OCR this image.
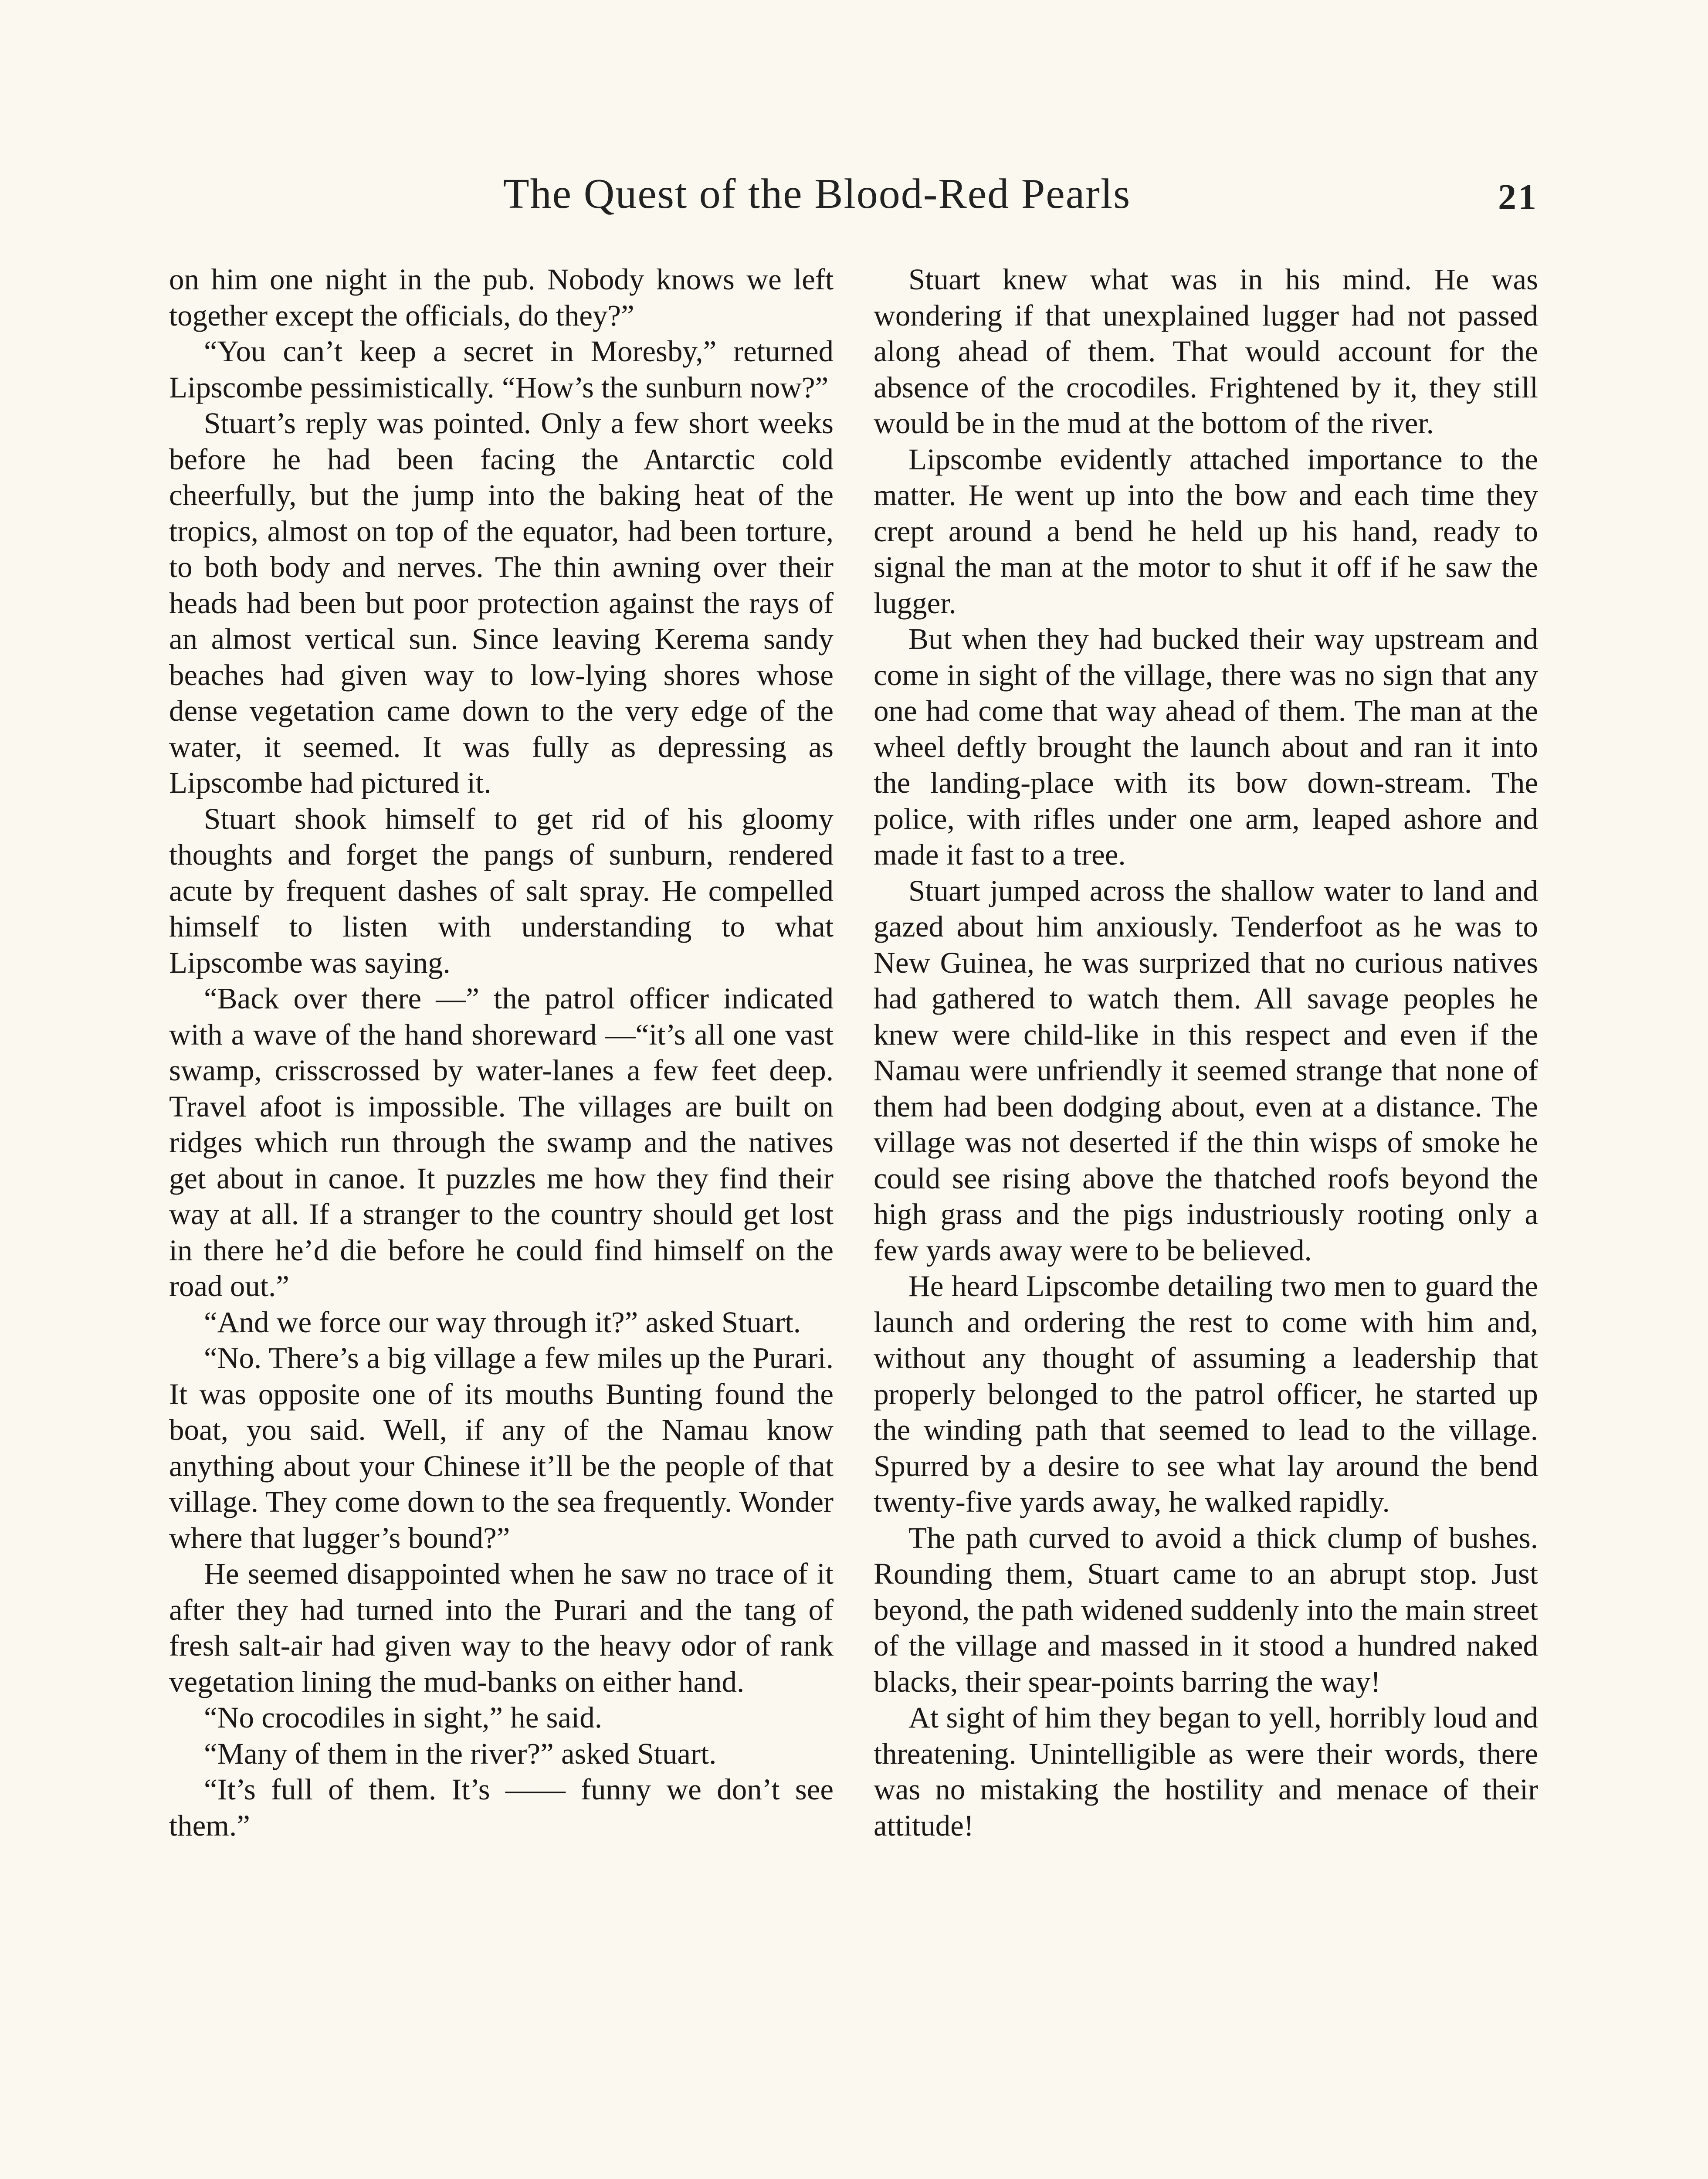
The Quest of the Blood-Red Pearls	21

on him one night in the pub. Nobody knows we left together except the officials, do they?”

“You can’t keep a secret in Moresby,” returned Lipscombe pessimistically. “How’s the sunburn now?”

Stuart’s reply was pointed. Only a few short weeks before he had been facing the Antarctic cold cheerfully, but the jump into the baking heat of the tropics, almost on top of the equator, had been torture, to both body and nerves. The thin awning over their heads had been but poor protection against the rays of an almost vertical sun. Since leaving Kerema sandy beaches had given way to low-lying shores whose dense vegetation came down to the very edge of the water, it seemed. It was fully as depressing as Lipscombe had pictured it.

Stuart shook himself to get rid of his gloomy thoughts and forget the pangs of sunburn, rendered acute by frequent dashes of salt spray. He compelled himself to listen with understanding to what Lipscombe was saying.

“Back over there —” the patrol officer indicated with a wave of the hand shoreward —“it’s all one vast swamp, crisscrossed by water-lanes a few feet deep. Travel afoot is impossible. The villages are built on ridges which run through the swamp and the natives get about in canoe. It puzzles me how they find their way at all. If a stranger to the country should get lost in there he’d die before he could find himself on the road out.”

“And we force our way through it?” asked Stuart.

“No. There’s a big village a few miles up the Purari. It was opposite one of its mouths Bunting found the boat, you said. Well, if any of the Namau know anything about your Chinese it’ll be the people of that village. They come down to the sea frequently. Wonder where that lugger’s bound?”

He seemed disappointed when he saw no trace of it after they had turned into the Purari and the tang of fresh salt-air had given way to the heavy odor of rank vegetation lining the mud-banks on either hand.

“No crocodiles in sight,” he said.

“Many of them in the river?” asked Stuart.

“It’s full of them. It’s —— funny we don’t see them.”

Stuart knew what was in his mind. He was wondering if that unexplained lugger had not passed along ahead of them. That would account for the absence of the crocodiles. Frightened by it, they still would be in the mud at the bottom of the river.

Lipscombe evidently attached importance to the matter. He went up into the bow and each time they crept around a bend he held up his hand, ready to signal the man at the motor to shut it off if he saw the lugger.

But when they had bucked their way upstream and come in sight of the village, there was no sign that any one had come that way ahead of them. The man at the wheel deftly brought the launch about and ran it into the landing-place with its bow down-stream. The police, with rifles under one arm, leaped ashore and made it fast to a tree.

Stuart jumped across the shallow water to land and gazed about him anxiously. Tenderfoot as he was to New Guinea, he was surprized that no curious natives had gathered to watch them. All savage peoples he knew were child-like in this respect and even if the Namau were unfriendly it seemed strange that none of them had been dodging about, even at a distance. The village was not deserted if the thin wisps of smoke he could see rising above the thatched roofs beyond the high grass and the pigs industriously rooting only a few yards away were to be believed.

He heard Lipscombe detailing two men to guard the launch and ordering the rest to come with him and, without any thought of assuming a leadership that properly belonged to the patrol officer, he started up the winding path that seemed to lead to the village. Spurred by a desire to see what lay around the bend twenty-five yards away, he walked rapidly.

The path curved to avoid a thick clump of bushes. Rounding them, Stuart came to an abrupt stop. Just beyond, the path widened suddenly into the main street of the village and massed in it stood a hundred naked blacks, their spear-points barring the way!

At sight of him they began to yell, horribly loud and threatening. Unintelligible as were their words, there was no mistaking the hostility and menace of their attitude!
